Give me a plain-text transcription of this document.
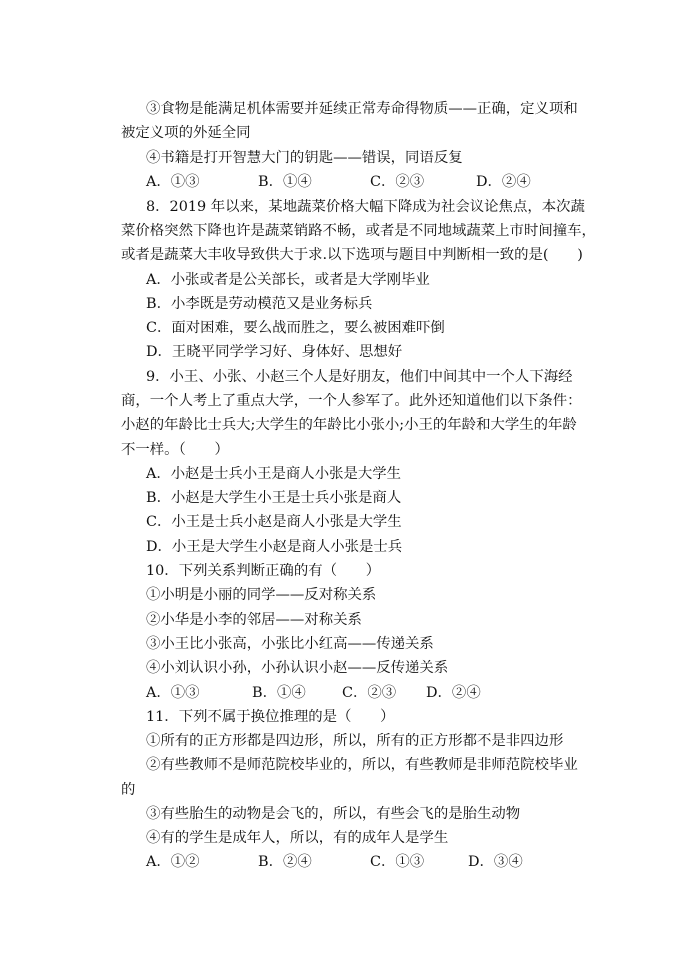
③食物是能满足机体需要并延续正常寿命得物质——正确，定义项和
被定义项的外延全同
④书籍是打开智慧大门的钥匙——错误，同语反复
A．①③	B．①④	C．②③	D．②④
8．2019 年以来，某地蔬菜价格大幅下降成为社会议论焦点，本次蔬
菜价格突然下降也许是蔬菜销路不畅，或者是不同地域蔬菜上市时间撞车，
或者是蔬菜大丰收导致供大于求.以下选项与题目中判断相一致的是(　　)
A．小张或者是公关部长，或者是大学刚毕业
B．小李既是劳动模范又是业务标兵
C．面对困难，要么战而胜之，要么被困难吓倒
D．王晓平同学学习好、身体好、思想好
9．小王、小张、小赵三个人是好朋友，他们中间其中一个人下海经
商，一个人考上了重点大学，一个人参军了。此外还知道他们以下条件：
小赵的年龄比士兵大;大学生的年龄比小张小;小王的年龄和大学生的年龄
不一样。（　　）
A．小赵是士兵小王是商人小张是大学生
B．小赵是大学生小王是士兵小张是商人
C．小王是士兵小赵是商人小张是大学生
D．小王是大学生小赵是商人小张是士兵
10．下列关系判断正确的有（　　）
①小明是小丽的同学——反对称关系
②小华是小李的邻居——对称关系
③小王比小张高，小张比小红高——传递关系
④小刘认识小孙，小孙认识小赵——反传递关系
A．①③	B．①④	C．②③ D．②④
11．下列不属于换位推理的是（　　）
①所有的正方形都是四边形，所以，所有的正方形都不是非四边形
②有些教师不是师范院校毕业的，所以，有些教师是非师范院校毕业
的
③有些胎生的动物是会飞的，所以，有些会飞的是胎生动物
④有的学生是成年人，所以，有的成年人是学生
A．①②	B．②④	C．①③	D．③④
